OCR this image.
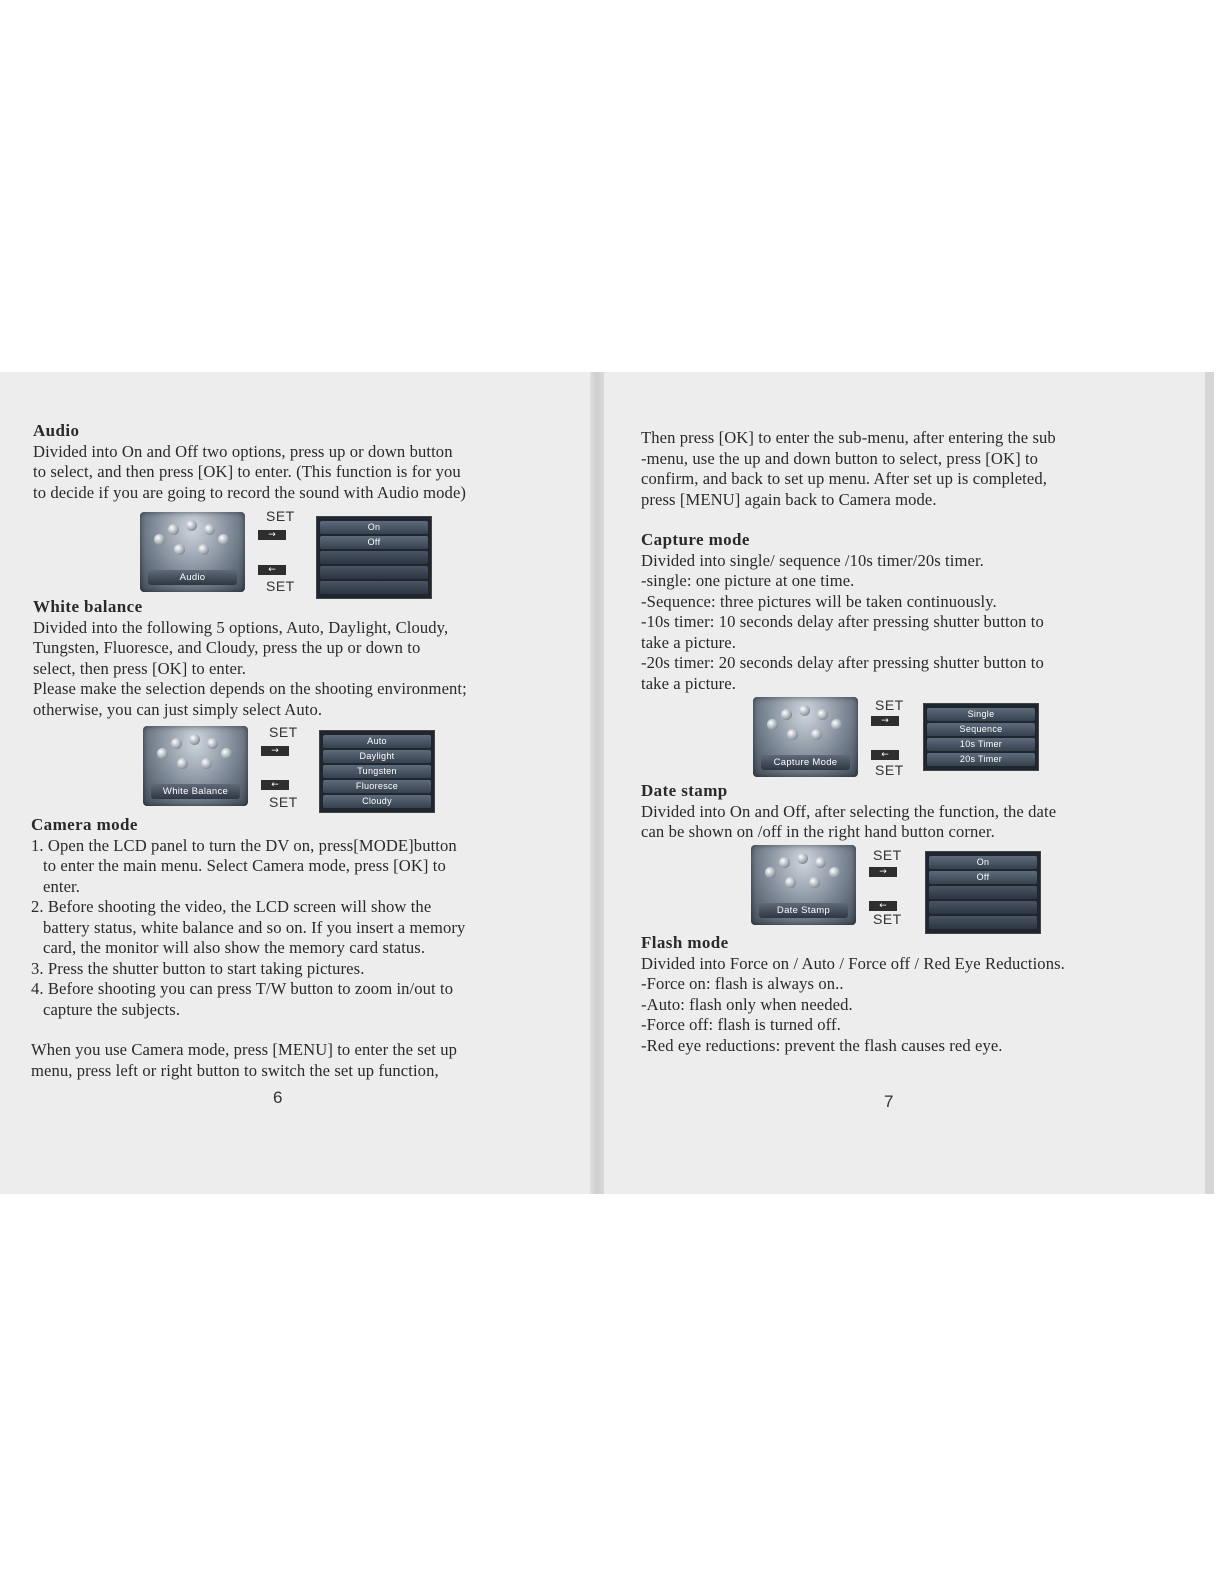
Audio

Divided into On and Off two options, press up or down button

to select, and then press [OK] to enter. (This function is for you

to decide if you are going to record the sound with Audio mode)

Audio
SET
→
←
SET
On
Off

White balance

Divided into the following 5 options, Auto, Daylight, Cloudy,

Tungsten, Fluoresce, and Cloudy, press the up or down to

select, then press [OK] to enter.

Please make the selection depends on the shooting environment;

otherwise, you can just simply select Auto.

White Balance
SET
→
←
SET
Auto
Daylight
Tungsten
Fluoresce
Cloudy

Camera mode

1. Open the LCD panel to turn the DV on, press[MODE]button

to enter the main menu. Select Camera mode, press [OK] to

enter.

2. Before shooting the video, the LCD screen will show the

battery status, white balance and so on. If you insert a memory

card, the monitor will also show the memory card status.

3. Press the shutter button to start taking pictures.

4. Before shooting you can press T/W button to zoom in/out to

capture the subjects.

When you use Camera mode, press [MENU] to enter the set up

menu, press left or right button to switch the set up function,

6

Then press [OK] to enter the sub-menu, after entering the sub

-menu, use the up and down button to select, press [OK] to

confirm, and back to set up menu. After set up is completed,

press [MENU] again back to Camera mode.

Capture mode

Divided into single/ sequence /10s timer/20s timer.

-single: one picture at one time.

-Sequence: three pictures will be taken continuously.

-10s timer: 10 seconds delay after pressing shutter button to

take a picture.

-20s timer: 20 seconds delay after pressing shutter button to

take a picture.

Capture Mode
SET
→
←
SET
Single
Sequence
10s Timer
20s Timer

Date stamp

Divided into On and Off, after selecting the function, the date

can be shown on /off in the right hand button corner.

Date Stamp
SET
→
←
SET
On
Off

Flash mode

Divided into Force on / Auto / Force off / Red Eye Reductions.

-Force on: flash is always on..

-Auto: flash only when needed.

-Force off: flash is turned off.

-Red eye reductions: prevent the flash causes red eye.

7
